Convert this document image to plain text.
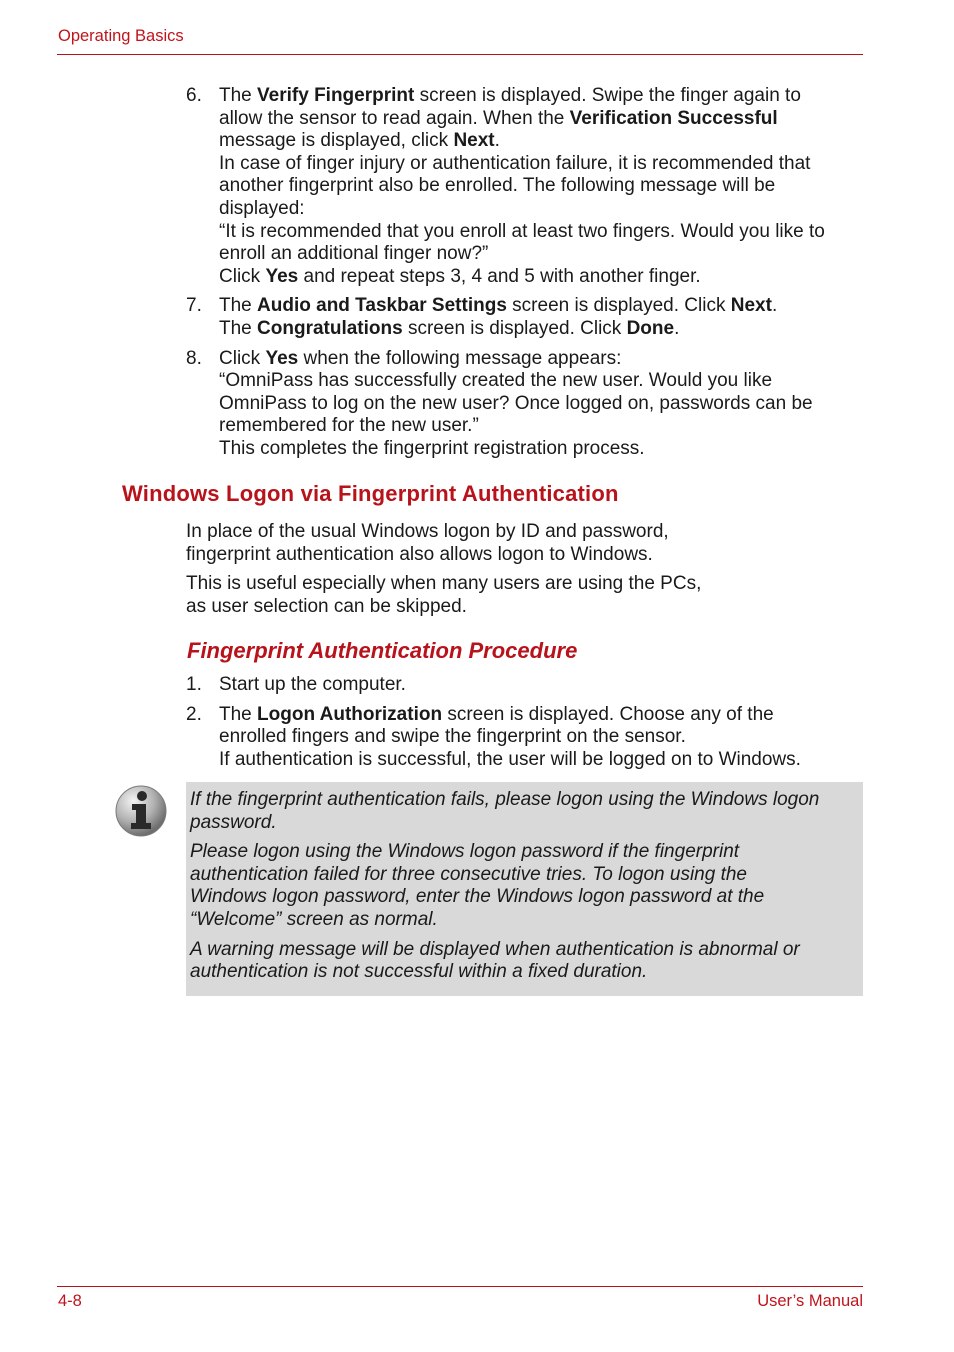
Operating Basics
6. The Verify Fingerprint screen is displayed. Swipe the finger again to
allow the sensor to read again. When the Verification Successful
message is displayed, click Next.
In case of finger injury or authentication failure, it is recommended that
another fingerprint also be enrolled. The following message will be
displayed:
“It is recommended that you enroll at least two fingers. Would you like to
enroll an additional finger now?”
Click Yes and repeat steps 3, 4 and 5 with another finger.
7. The Audio and Taskbar Settings screen is displayed. Click Next.
The Congratulations screen is displayed. Click Done.
8. Click Yes when the following message appears:
“OmniPass has successfully created the new user. Would you like
OmniPass to log on the new user? Once logged on, passwords can be
remembered for the new user.”
This completes the fingerprint registration process.
Windows Logon via Fingerprint Authentication
In place of the usual Windows logon by ID and password,
fingerprint authentication also allows logon to Windows.
This is useful especially when many users are using the PCs,
as user selection can be skipped.
Fingerprint Authentication Procedure
1. Start up the computer.
2. The Logon Authorization screen is displayed. Choose any of the
enrolled fingers and swipe the fingerprint on the sensor.
If authentication is successful, the user will be logged on to Windows.

If the fingerprint authentication fails, please logon using the Windows logon
password.

Please logon using the Windows logon password if the fingerprint
authentication failed for three consecutive tries. To logon using the
Windows logon password, enter the Windows logon password at the
“Welcome” screen as normal.

A warning message will be displayed when authentication is abnormal or
authentication is not successful within a fixed duration.

4-8	User’s Manual
